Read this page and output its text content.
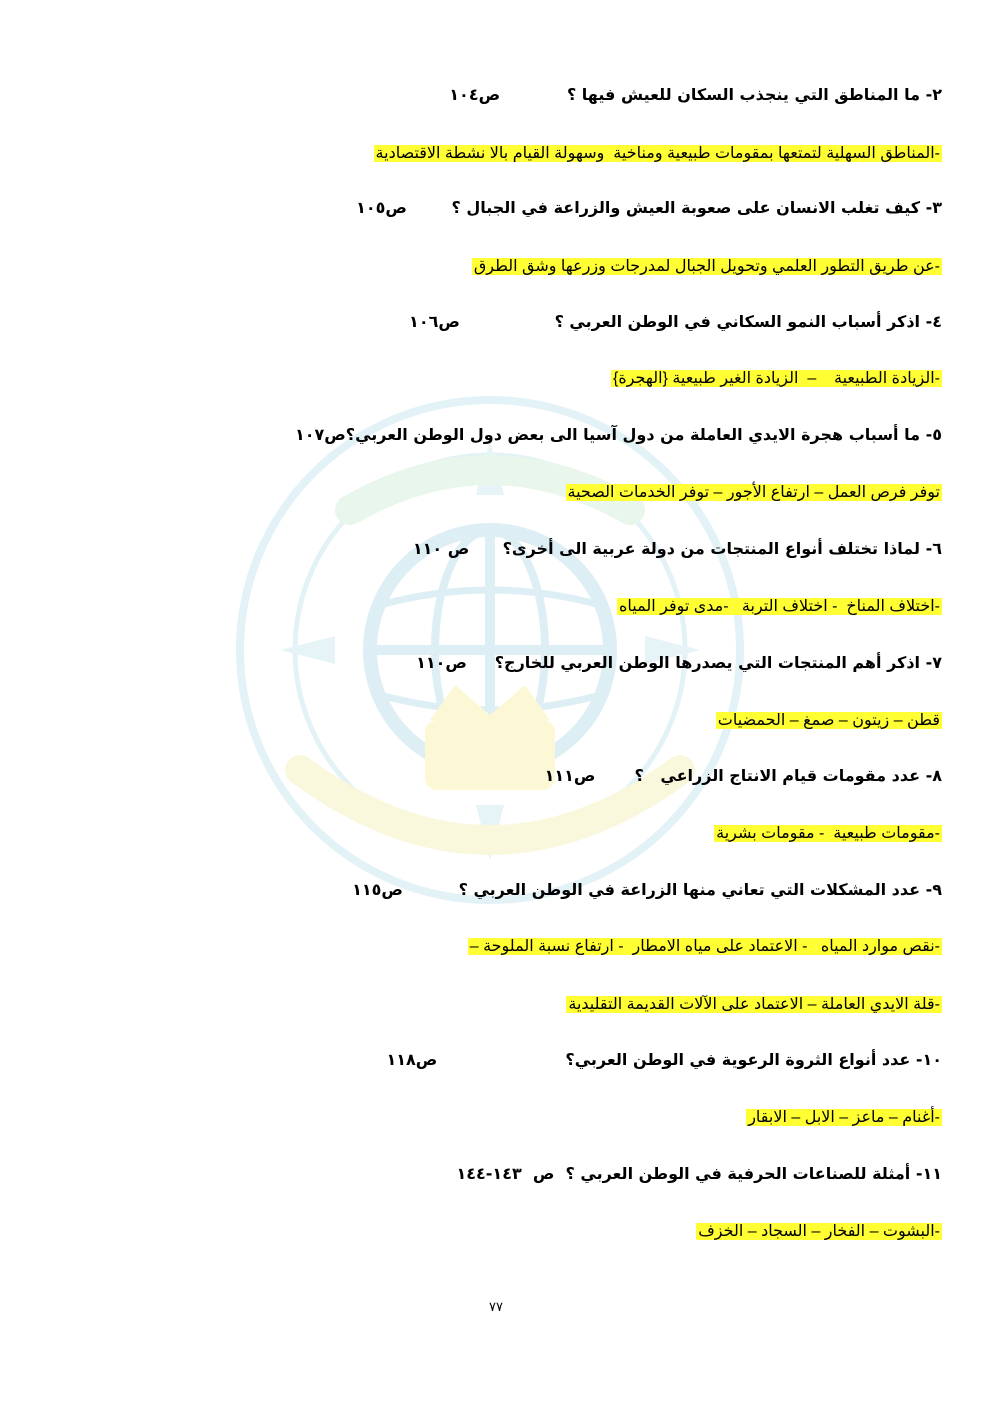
٢- ما المناطق التي ينجذب السكان للعيش فيها ؟            ص١٠٤
-المناطق السهلية لتمتعها بمقومات طبيعية ومناخية  وسهولة القيام بالا نشطة الاقتصادية
٣- كيف تغلب الانسان على صعوبة العيش والزراعة في الجبال ؟        ص١٠٥
-عن طريق التطور العلمي وتحويل الجبال لمدرجات وزرعها وشق الطرق
٤- اذكر أسباب النمو السكاني في الوطن العربي ؟                 ص١٠٦
-الزيادة الطبيعية    –  الزيادة الغير طبيعية {الهجرة}
٥- ما أسباب هجرة الايدي العاملة من دول آسيا الى بعض دول الوطن العربي؟ص١٠٧
توفر فرص العمل – ارتفاع الأجور – توفر الخدمات الصحية
٦- لماذا تختلف أنواع المنتجات من دولة عربية الى أخرى؟      ص ١١٠
-اختلاف المناخ  - اختلاف التربة   -مدى توفر المياه
٧- اذكر أهم المنتجات التي يصدرها الوطن العربي للخارج؟     ص١١٠
قطن – زيتون – صمغ – الحمضيات
٨- عدد مقومات قيام الانتاج الزراعي   ؟       ص١١١
-مقومات طبيعية  - مقومات بشرية
٩- عدد المشكلات التي تعاني منها الزراعة في الوطن العربي ؟          ص١١٥
-نقص موارد المياه   - الاعتماد على مياه الامطار  - ارتفاع نسبة الملوحة –
-قلة الايدي العاملة – الاعتماد على الآلات القديمة التقليدية
١٠- عدد أنواع الثروة الرعوية في الوطن العربي؟                       ص١١٨
-أغنام – ماعز – الابل – الابقار
١١- أمثلة للصناعات الحرفية في الوطن العربي ؟  ص  ١٤٣-١٤٤
-البشوت – الفخار – السجاد – الخزف
٧٧
